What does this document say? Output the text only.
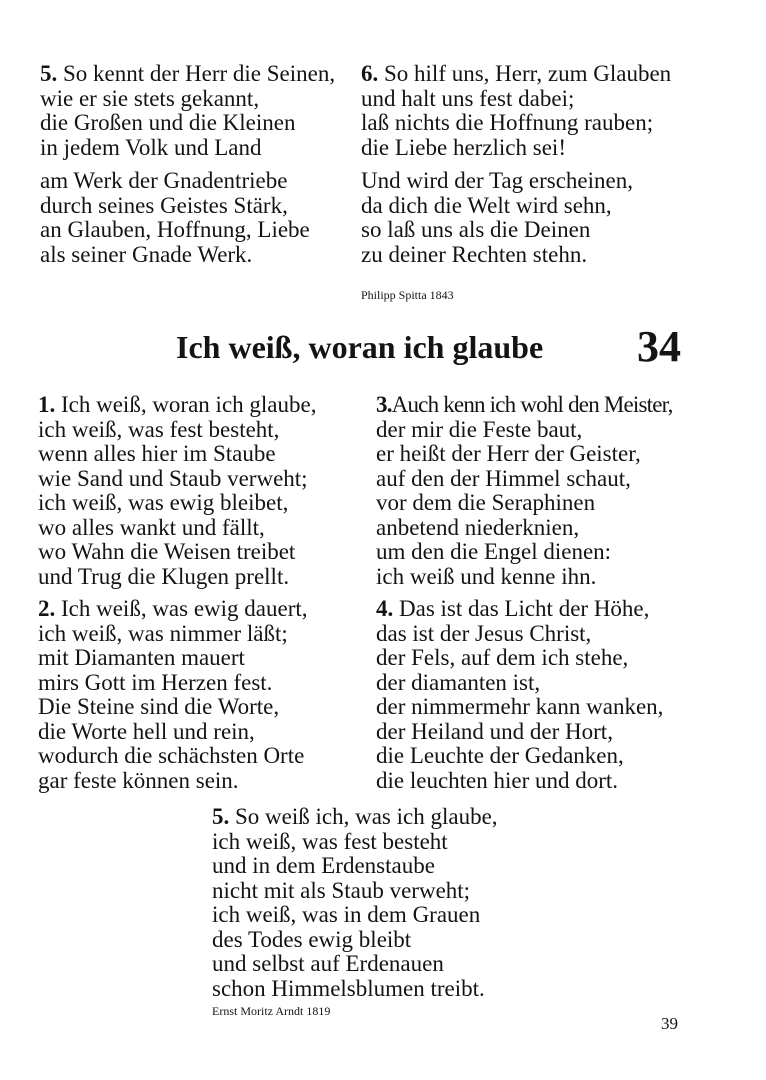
5. So kennt der Herr die Seinen,
wie er sie stets gekannt,
die Großen und die Kleinen
in jedem Volk und Land
am Werk der Gnadentriebe
durch seines Geistes Stärk,
an Glauben, Hoffnung, Liebe
als seiner Gnade Werk.
6. So hilf uns, Herr, zum Glauben
und halt uns fest dabei;
laß nichts die Hoffnung rauben;
die Liebe herzlich sei!
Und wird der Tag erscheinen,
da dich die Welt wird sehn,
so laß uns als die Deinen
zu deiner Rechten stehn.
Philipp Spitta 1843
Ich weiß, woran ich glaube 34
1. Ich weiß, woran ich glaube,
ich weiß, was fest besteht,
wenn alles hier im Staube
wie Sand und Staub verweht;
ich weiß, was ewig bleibet,
wo alles wankt und fällt,
wo Wahn die Weisen treibet
und Trug die Klugen prellt.
3.Auch kenn ich wohl den Meister,
der mir die Feste baut,
er heißt der Herr der Geister,
auf den der Himmel schaut,
vor dem die Seraphinen
anbetend niederknien,
um den die Engel dienen:
ich weiß und kenne ihn.
2. Ich weiß, was ewig dauert,
ich weiß, was nimmer läßt;
mit Diamanten mauert
mirs Gott im Herzen fest.
Die Steine sind die Worte,
die Worte hell und rein,
wodurch die schächsten Orte
gar feste können sein.
4. Das ist das Licht der Höhe,
das ist der Jesus Christ,
der Fels, auf dem ich stehe,
der diamanten ist,
der nimmermehr kann wanken,
der Heiland und der Hort,
die Leuchte der Gedanken,
die leuchten hier und dort.
5. So weiß ich, was ich glaube,
ich weiß, was fest besteht
und in dem Erdenstaube
nicht mit als Staub verweht;
ich weiß, was in dem Grauen
des Todes ewig bleibt
und selbst auf Erdenauen
schon Himmelsblumen treibt.
Ernst Moritz Arndt 1819
39
